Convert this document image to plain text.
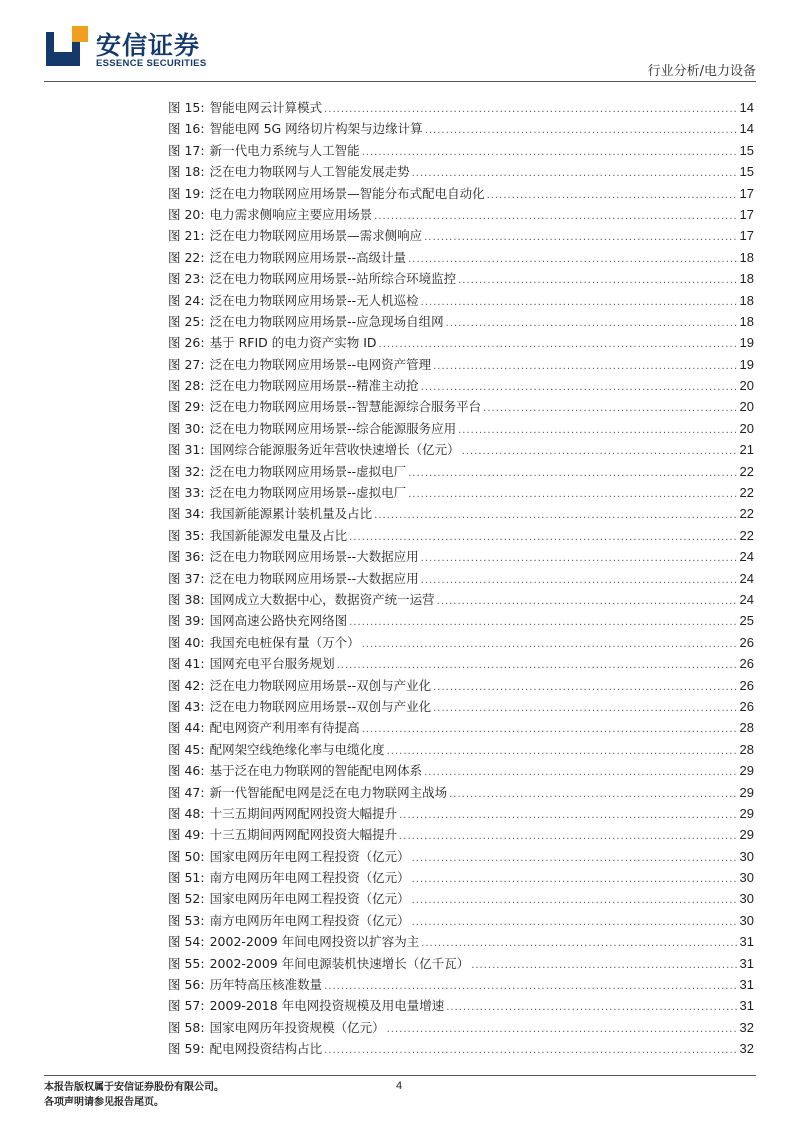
安信证券
ESSENCE SECURITIES
行业分析/电力设备
图 15: 智能电网云计算模式 .....	14
图 16: 智能电网 5G 网络切片构架与边缘计算 .....	14
图 17: 新一代电力系统与人工智能 .....	15
图 18: 泛在电力物联网与人工智能发展走势 .....	15
图 19: 泛在电力物联网应用场景—智能分布式配电自动化 .....	17
图 20: 电力需求侧响应主要应用场景 .....	17
图 21: 泛在电力物联网应用场景—需求侧响应 .....	17
图 22: 泛在电力物联网应用场景--高级计量 .....	18
图 23: 泛在电力物联网应用场景--站所综合环境监控 .....	18
图 24: 泛在电力物联网应用场景--无人机巡检 .....	18
图 25: 泛在电力物联网应用场景--应急现场自组网 .....	18
图 26: 基于 RFID 的电力资产实物 ID .....	19
图 27: 泛在电力物联网应用场景--电网资产管理 .....	19
图 28: 泛在电力物联网应用场景--精准主动抢 .....	20
图 29: 泛在电力物联网应用场景--智慧能源综合服务平台 .....	20
图 30: 泛在电力物联网应用场景--综合能源服务应用 .....	20
图 31: 国网综合能源服务近年营收快速增长（亿元） .....	21
图 32: 泛在电力物联网应用场景--虚拟电厂 .....	22
图 33: 泛在电力物联网应用场景--虚拟电厂 .....	22
图 34: 我国新能源累计装机量及占比 .....	22
图 35: 我国新能源发电量及占比 .....	22
图 36: 泛在电力物联网应用场景--大数据应用 .....	24
图 37: 泛在电力物联网应用场景--大数据应用 .....	24
图 38: 国网成立大数据中心，数据资产统一运营 .....	24
图 39: 国网高速公路快充网络图 .....	25
图 40: 我国充电桩保有量（万个） .....	26
图 41: 国网充电平台服务规划 .....	26
图 42: 泛在电力物联网应用场景--双创与产业化 .....	26
图 43: 泛在电力物联网应用场景--双创与产业化 .....	26
图 44: 配电网资产利用率有待提高 .....	28
图 45: 配网架空线绝缘化率与电缆化度 .....	28
图 46: 基于泛在电力物联网的智能配电网体系 .....	29
图 47: 新一代智能配电网是泛在电力物联网主战场 .....	29
图 48: 十三五期间两网配网投资大幅提升 .....	29
图 49: 十三五期间两网配网投资大幅提升 .....	29
图 50: 国家电网历年电网工程投资（亿元） .....	30
图 51: 南方电网历年电网工程投资（亿元） .....	30
图 52: 国家电网历年电网工程投资（亿元） .....	30
图 53: 南方电网历年电网工程投资（亿元） .....	30
图 54: 2002-2009 年间电网投资以扩容为主 .....	31
图 55: 2002-2009 年间电源装机快速增长（亿千瓦） .....	31
图 56: 历年特高压核准数量 .....	31
图 57: 2009-2018 年电网投资规模及用电量增速 .....	31
图 58: 国家电网历年投资规模（亿元） .....	32
图 59: 配电网投资结构占比 .....	32
本报告版权属于安信证券股份有限公司。
各项声明请参见报告尾页。
4
